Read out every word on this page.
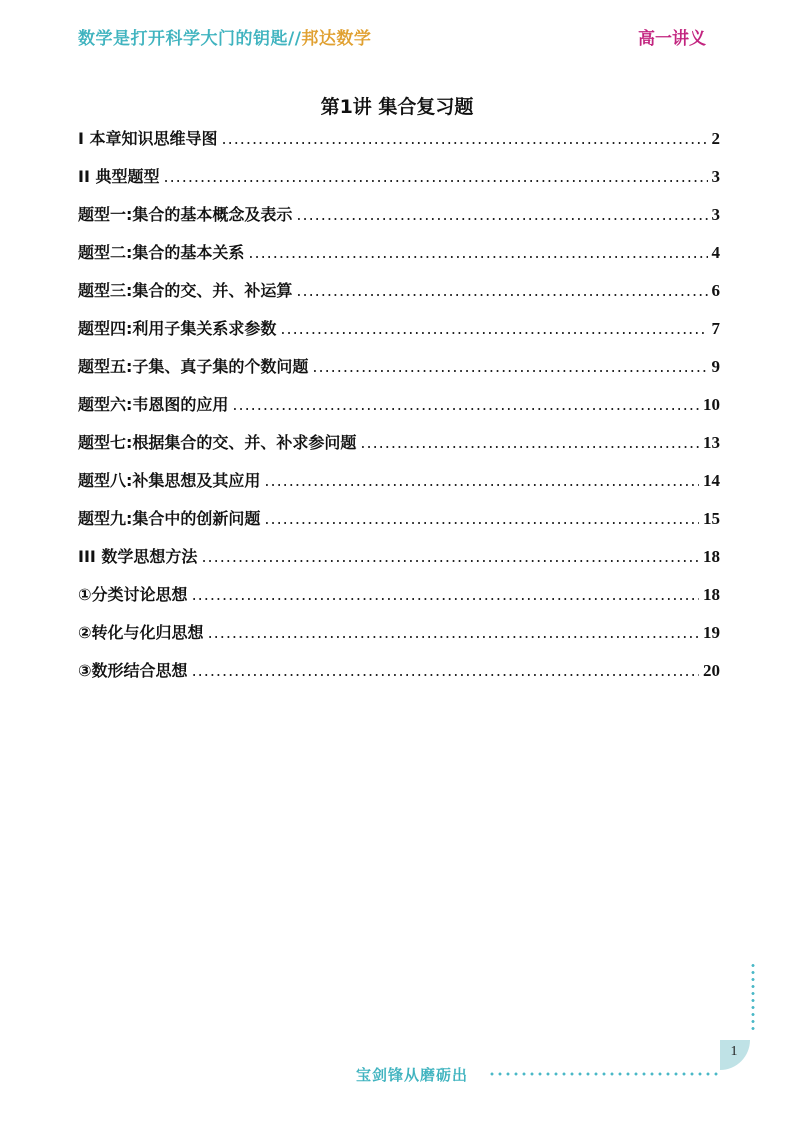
数学是打开科学大门的钥匙//邦达数学	高一讲义
第1讲 集合复习题
I 本章知识思维导图 .....	2
II 典型题型 .....	3
题型一:集合的基本概念及表示 .....	3
题型二:集合的基本关系 .....	4
题型三:集合的交、并、补运算 .....	6
题型四:利用子集关系求参数 .....	7
题型五:子集、真子集的个数问题 .....	9
题型六:韦恩图的应用 .....	10
题型七:根据集合的交、并、补求参问题 .....	13
题型八:补集思想及其应用 .....	14
题型九:集合中的创新问题 .....	15
III 数学思想方法 .....	18
①分类讨论思想 .....	18
②转化与化归思想 .....	19
③数形结合思想 .....	20
1
宝剑锋从磨砺出
